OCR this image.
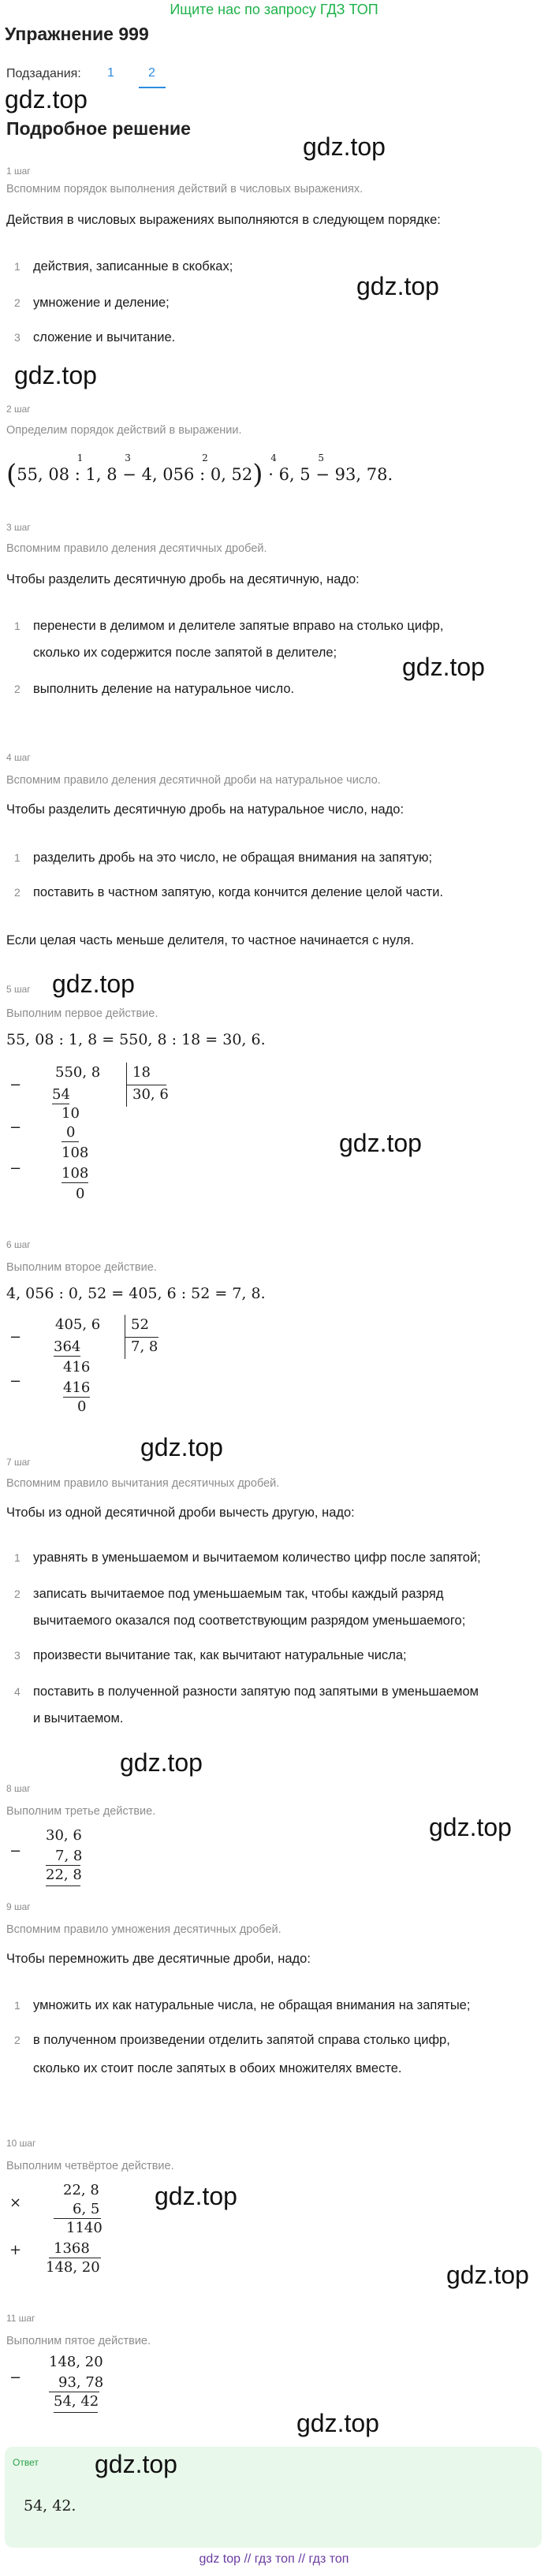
Ищите нас по запросу ГДЗ ТОП
Упражнение 999
Подзадания: 1	2
gdz.top
Подробное решение
gdz.top
1 шаг
Вспомним порядок выполнения действий в числовых выражениях.
Действия в числовых выражениях выполняются в следующем порядке:
1 действия, записанные в скобках;
gdz.top
2 умножение и деление;
3 сложение и вычитание.
gdz.top
2 шаг
Определим порядок действий в выражении.
(55, 08
1
: 1, 8
3
− 4, 056
2
: 0, 52)
4
· 6, 5
5
− 93, 78.
3 шаг
Вспомним правило деления десятичных дробей.
Чтобы разделить десятичную дробь на десятичную, надо:
1 перенести в делимом и делителе запятые вправо на столько цифр,
сколько их содержится после запятой в делителе;	gdz.top
2 выполнить деление на натуральное число.
4 шаг
Вспомним правило деления десятичной дроби на натуральное число.
Чтобы разделить десятичную дробь на натуральное число, надо:
1 разделить дробь на это число, не обращая внимания на запятую;
2 поставить в частном запятую, когда кончится деление целой части.
Если целая часть меньше делителя, то частное начинается с нуля.
5 шаг gdz.top
Выполним первое действие.
55, 08 : 1, 8 = 550, 8 : 18 = 30, 6.
−
550, 8 18
30, 6
54
−
10
0
−
108
108
0
gdz.top
6 шаг
Выполним второе действие.
4, 056 : 0, 52 = 405, 6 : 52 = 7, 8.
−
405, 6 52
7, 8
364
−
416
416
0
gdz.top
7 шаг
Вспомним правило вычитания десятичных дробей.
Чтобы из одной десятичной дроби вычесть другую, надо:
1 уравнять в уменьшаемом и вычитаемом количество цифр после запятой;
2 записать вычитаемое под уменьшаемым так, чтобы каждый разряд
вычитаемого оказался под соответствующим разрядом уменьшаемого;
3 произвести вычитание так, как вычитают натуральные числа;
4 поставить в полученной разности запятую под запятыми в уменьшаемом
и вычитаемом.
gdz.top
8 шаг
Выполним третье действие.
gdz.top
−
30, 6
7, 8
22, 8
9 шаг
Вспомним правило умножения десятичных дробей.
Чтобы перемножить две десятичные дроби, надо:
1 умножить их как натуральные числа, не обращая внимания на запятые;
2 в полученном произведении отделить запятой справа столько цифр,
сколько их стоит после запятых в обоих множителях вместе.
10 шаг
Выполним четвёртое действие.
gdz.top
×
22, 8
6, 5
1140
+ 1368
148, 20	gdz.top
11 шаг
Выполним пятое действие.
−
148, 20
93, 78
54, 42
gdz.top
Ответ gdz.top
54, 42.
gdz top // гдз топ // гдз топ
